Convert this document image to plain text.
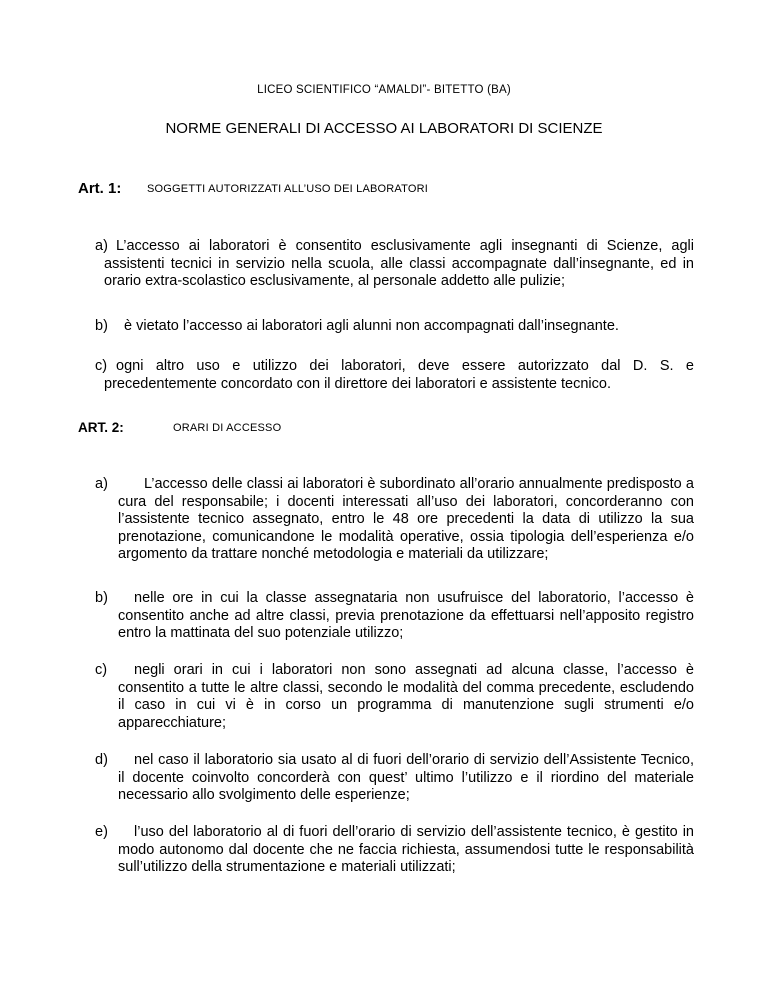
LICEO SCIENTIFICO “AMALDI”- BITETTO (BA)
NORME GENERALI DI ACCESSO AI LABORATORI DI SCIENZE
Art. 1: SOGGETTI AUTORIZZATI ALL’USO DEI LABORATORI
a) L’accesso ai laboratori è consentito esclusivamente agli insegnanti di Scienze, agli assistenti tecnici in servizio nella scuola, alle classi accompagnate dall’insegnante, ed in orario extra-scolastico esclusivamente, al personale addetto alle pulizie;
b) è vietato l’accesso ai laboratori agli alunni non accompagnati dall’insegnante.
c) ogni altro uso e utilizzo dei laboratori, deve essere autorizzato dal D. S. e precedentemente concordato con il direttore dei laboratori e assistente tecnico.
ART. 2:	ORARI DI ACCESSO
a)	L’accesso delle classi ai laboratori è subordinato all’orario annualmente predisposto a cura del responsabile; i docenti interessati all’uso dei laboratori, concorderanno con l’assistente tecnico assegnato, entro le 48 ore precedenti la data di utilizzo la sua prenotazione, comunicandone le modalità operative, ossia tipologia dell’esperienza e/o argomento da trattare nonché metodologia e materiali da utilizzare;
b)	nelle ore in cui la classe assegnataria non usufruisce del laboratorio, l’accesso è consentito anche ad altre classi, previa prenotazione da effettuarsi nell’apposito registro entro la mattinata del suo potenziale utilizzo;
c)	negli orari in cui i laboratori non sono assegnati ad alcuna classe, l’accesso è consentito a tutte le altre classi, secondo le modalità del comma precedente, escludendo il caso in cui vi è in corso un programma di manutenzione sugli strumenti e/o apparecchiature;
d)	nel caso il laboratorio sia usato al di fuori dell’orario di servizio dell’Assistente Tecnico, il docente coinvolto concorderà con quest’ ultimo l’utilizzo e il riordino del materiale necessario allo svolgimento delle esperienze;
e)	l’uso del laboratorio al di fuori dell’orario di servizio dell’assistente tecnico, è gestito in modo autonomo dal docente che ne faccia richiesta, assumendosi tutte le responsabilità sull’utilizzo della strumentazione e materiali utilizzati;
